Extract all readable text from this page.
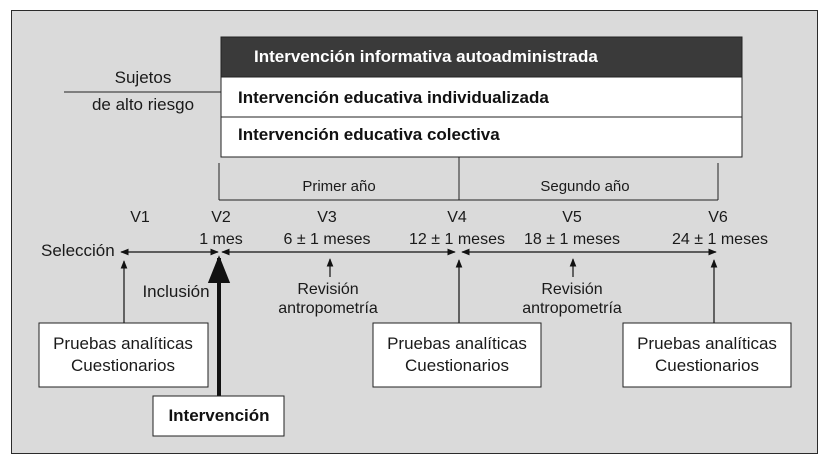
Intervención informativa autoadministrada
Intervención educativa individualizada
Intervención educativa colectiva
Sujetos
de alto riesgo
Primer año	Segundo año
V1	V2	V3	V4	V5	V6
1 mes	6 ± 1 meses 12 ± 1 meses 18 ± 1 meses	24 ± 1 meses
Selección
Inclusión	Revisión
antropometría
Revisión
antropometría
Pruebas analíticas
Cuestionarios
Pruebas analíticas
Cuestionarios
Pruebas analíticas
Cuestionarios
Intervención
